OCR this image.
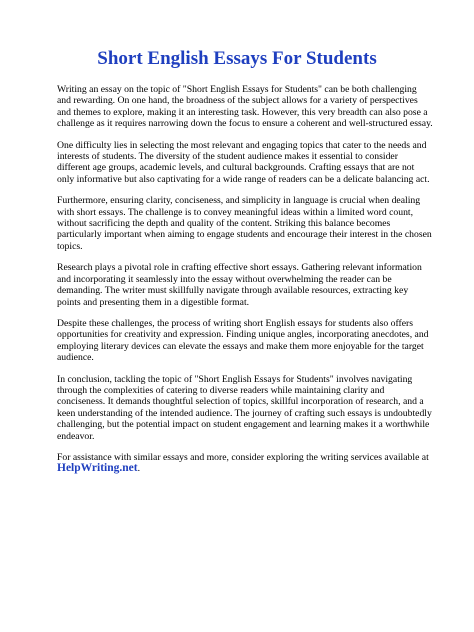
Short English Essays For Students

Writing an essay on the topic of "Short English Essays for Students" can be both challenging and rewarding. On one hand, the broadness of the subject allows for a variety of perspectives and themes to explore, making it an interesting task. However, this very breadth can also pose a challenge as it requires narrowing down the focus to ensure a coherent and well-structured essay.

One difficulty lies in selecting the most relevant and engaging topics that cater to the needs and interests of students. The diversity of the student audience makes it essential to consider different age groups, academic levels, and cultural backgrounds. Crafting essays that are not only informative but also captivating for a wide range of readers can be a delicate balancing act.

Furthermore, ensuring clarity, conciseness, and simplicity in language is crucial when dealing with short essays. The challenge is to convey meaningful ideas within a limited word count, without sacrificing the depth and quality of the content. Striking this balance becomes particularly important when aiming to engage students and encourage their interest in the chosen topics.

Research plays a pivotal role in crafting effective short essays. Gathering relevant information and incorporating it seamlessly into the essay without overwhelming the reader can be demanding. The writer must skillfully navigate through available resources, extracting key points and presenting them in a digestible format.

Despite these challenges, the process of writing short English essays for students also offers opportunities for creativity and expression. Finding unique angles, incorporating anecdotes, and employing literary devices can elevate the essays and make them more enjoyable for the target audience.

In conclusion, tackling the topic of "Short English Essays for Students" involves navigating through the complexities of catering to diverse readers while maintaining clarity and conciseness. It demands thoughtful selection of topics, skillful incorporation of research, and a keen understanding of the intended audience. The journey of crafting such essays is undoubtedly challenging, but the potential impact on student engagement and learning makes it a worthwhile endeavor.

For assistance with similar essays and more, consider exploring the writing services available at
HelpWriting.net.
